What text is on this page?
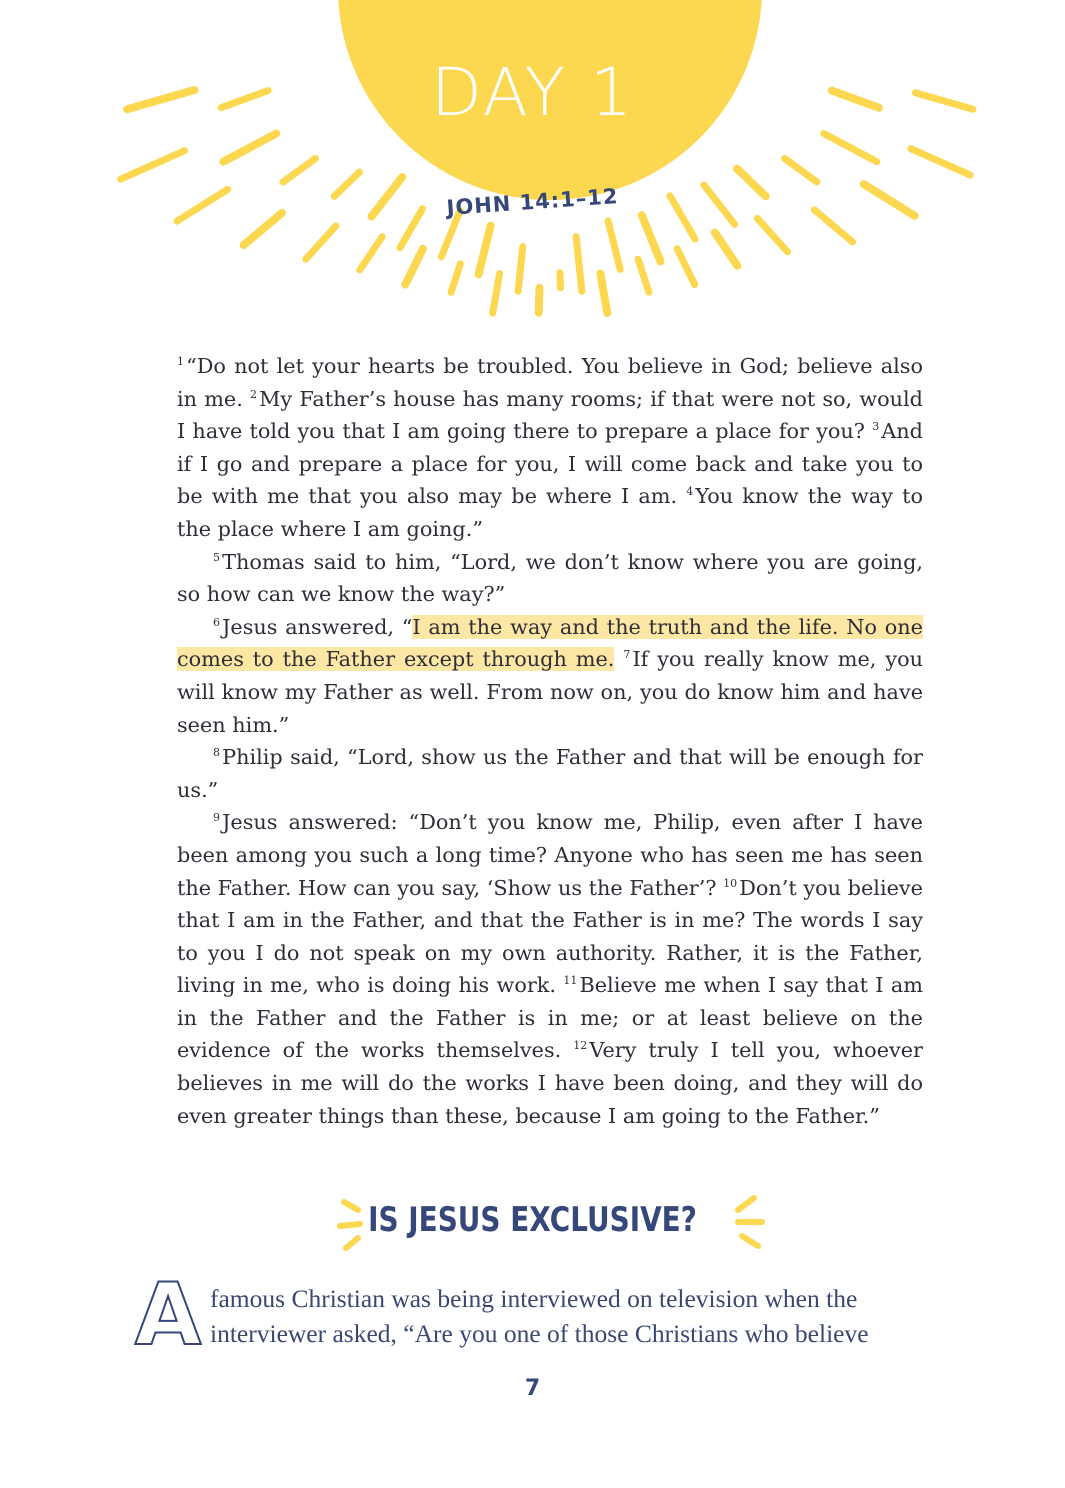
DAY 1
JOHN 14:1–12

$^1$ “Do not let your hearts be troubled. You believe in God; believe also in me. $^2$ My Father’s house has many rooms; if that were not so, would I have told you that I am going there to prepare a place for you? $^3$ And if I go and prepare a place for you, I will come back and take you to be with me that you also may be where I am. $^4$ You know the way to the place where I am going.”

$^5$ Thomas said to him, “Lord, we don’t know where you are going, so how can we know the way?”

$^6$ Jesus answered, “I am the way and the truth and the life. No one comes to the Father except through me. $^7$ If you really know me, you will know my Father as well. From now on, you do know him and have seen him.”

$^8$ Philip said, “Lord, show us the Father and that will be enough for us.”

$^9$ Jesus answered: “Don’t you know me, Philip, even after I have been among you such a long time? Anyone who has seen me has seen the Father. How can you say, ‘Show us the Father’? $^{10}$ Don’t you believe that I am in the Father, and that the Father is in me? The words I say to you I do not speak on my own authority. Rather, it is the Father, living in me, who is doing his work. $^{11}$ Believe me when I say that I am in the Father and the Father is in me; or at least believe on the evidence of the works themselves. $^{12}$ Very truly I tell you, whoever believes in me will do the works I have been doing, and they will do even greater things than these, because I am going to the Father.”

IS JESUS EXCLUSIVE?
A famous Christian was being interviewed on television when the interviewer asked, “Are you one of those Christians who believe

7
